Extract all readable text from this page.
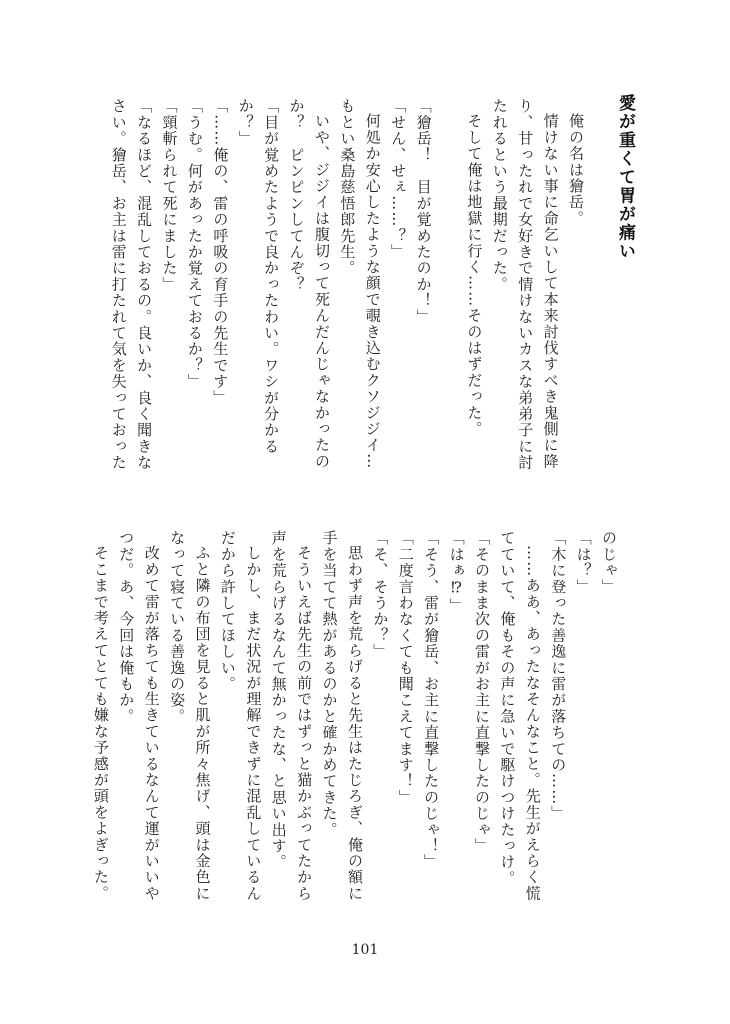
愛が重くて胃が痛い
俺の名は獪岳。
情けない事に命乞いして本来討伐すべき鬼側に降
り、甘ったれで女好きで情けないカスな弟弟子に討
たれるという最期だった。
そして俺は地獄に行く……そのはずだった。

「獪岳！　目が覚めたのか！」
「せん、せぇ……？」
何処か安心したような顔で覗き込むクソジジイ…
もとい桑島慈悟郎先生。
いや、ジジイは腹切って死んだんじゃなかったの
か？　ピンピンしてんぞ？
「目が覚めたようで良かったわい。ワシが分かる
か？」
「……俺の、雷の呼吸の育手の先生です」
「うむ。何があったか覚えておるか？」
「頸斬られて死にました」
「なるほど、混乱しておるの。良いか、良く聞きな
さい。獪岳、お主は雷に打たれて気を失っておった
のじゃ」
「は？」
「木に登った善逸に雷が落ちての……」
……ああ、あったなそんなこと。先生がえらく慌
てていて、俺もその声に急いで駆けつけたっけ。
「そのまま次の雷がお主に直撃したのじゃ」
「はぁ⁉」
「そう、雷が獪岳、お主に直撃したのじゃ！」
「二度言わなくても聞こえてます！」
「そ、そうか？」
思わず声を荒らげると先生はたじろぎ、俺の額に
手を当てて熱があるのかと確かめてきた。
そういえば先生の前ではずっと猫かぶってたから
声を荒らげるなんて無かったな、と思い出す。
しかし、まだ状況が理解できずに混乱しているん
だから許してほしい。
ふと隣の布団を見ると肌が所々焦げ、頭は金色に
なって寝ている善逸の姿。
改めて雷が落ちても生きているなんて運がいいや
つだ。あ、今回は俺もか。
そこまで考えてとても嫌な予感が頭をよぎった。
101
